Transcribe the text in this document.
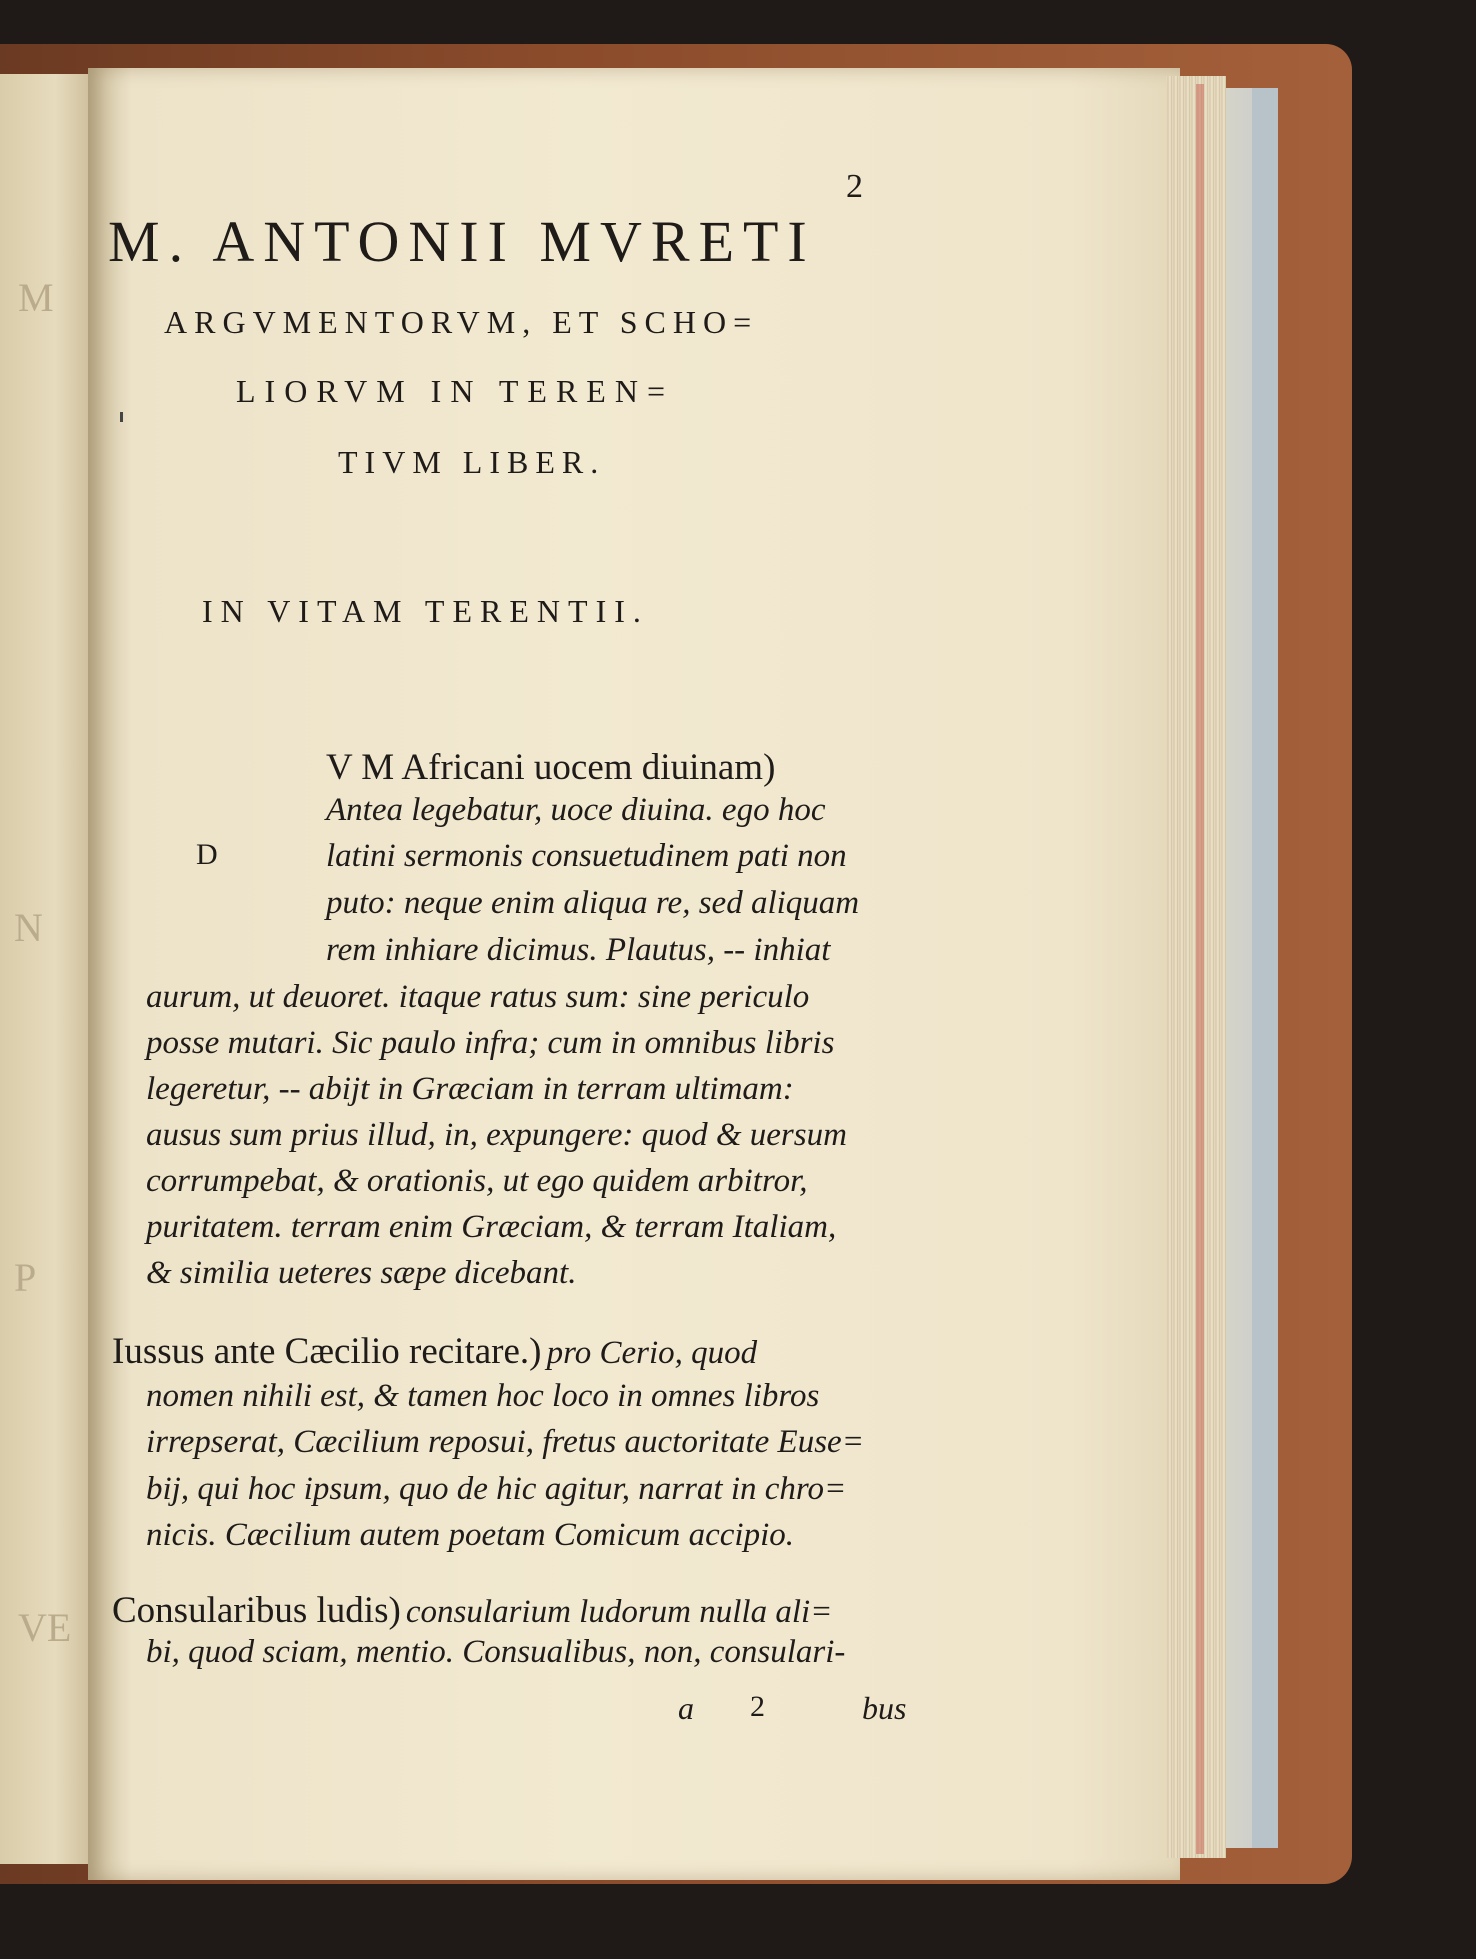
M
N
P
VE
2
M. ANTONII MVRETI
ARGVMENTORVM, ET SCHO=
LIORVM IN TEREN=
TIVM LIBER.
IN VITAM TERENTII.
D
V M Africani uocem diuinam)
Antea legebatur, uoce diuina. ego hoc
latini sermonis consuetudinem pati non
puto: neque enim aliqua re, sed aliquam
rem inhiare dicimus. Plautus, -- inhiat
aurum, ut deuoret. itaque ratus sum: sine periculo
posse mutari. Sic paulo infra; cum in omnibus libris
legeretur, -- abijt in Græciam in terram ultimam:
ausus sum prius illud, in, expungere: quod & uersum
corrumpebat, & orationis, ut ego quidem arbitror,
puritatem. terram enim Græciam, & terram Italiam,
& similia ueteres sæpe dicebant.
Iussus ante Cæcilio recitare.) pro Cerio, quod
nomen nihili est, & tamen hoc loco in omnes libros
irrepserat, Cæcilium reposui, fretus auctoritate Euse=
bij, qui hoc ipsum, quo de hic agitur, narrat in chro=
nicis. Cæcilium autem poetam Comicum accipio.
Consularibus ludis) consularium ludorum nulla ali=
bi, quod sciam, mentio. Consualibus, non, consulari-
a 2	bus
